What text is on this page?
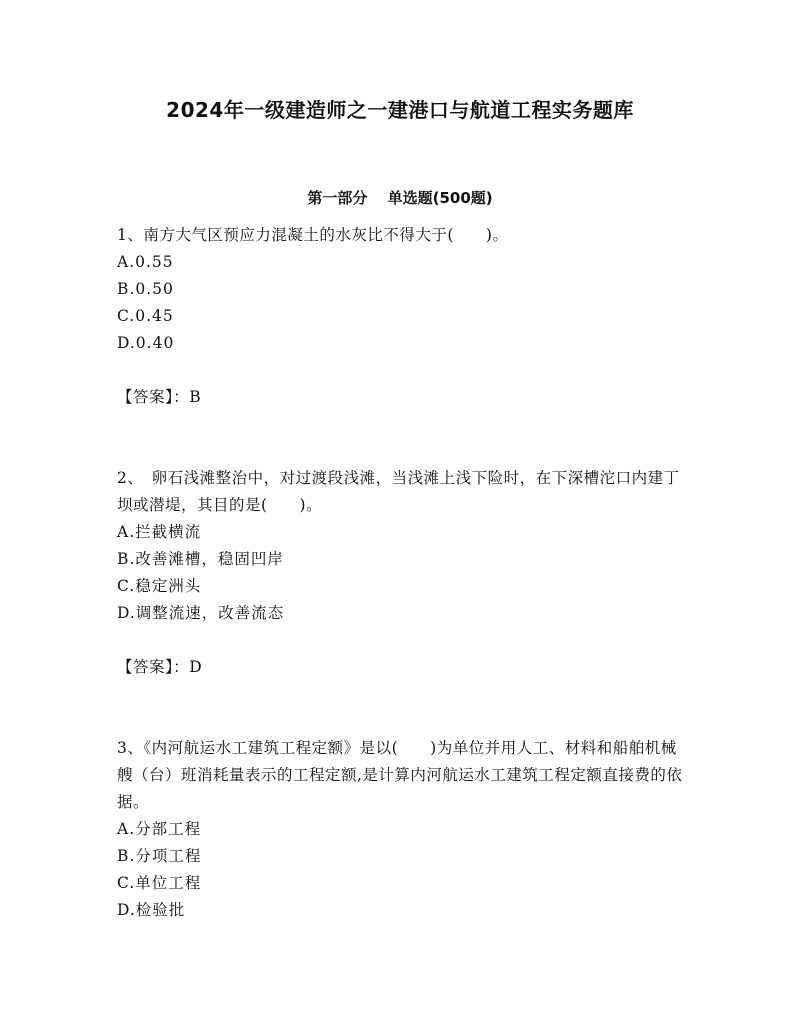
2024年一级建造师之一建港口与航道工程实务题库
第一部分　 单选题(500题)
1、南方大气区预应力混凝土的水灰比不得大于(　　)。
A.0.55
B.0.50
C.0.45
D.0.40
【答案】：B
2、　卵石浅滩整治中，对过渡段浅滩，当浅滩上浅下险时，在下深槽沱口内建丁坝或潜堤，其目的是(　　)。
A.拦截横流
B.改善滩槽，稳固凹岸
C.稳定洲头
D.调整流速，改善流态
【答案】：D
3、《内河航运水工建筑工程定额》是以(　　)为单位并用人工、材料和船舶机械艘（台）班消耗量表示的工程定额,是计算内河航运水工建筑工程定额直接费的依据。
A.分部工程
B.分项工程
C.单位工程
D.检验批
